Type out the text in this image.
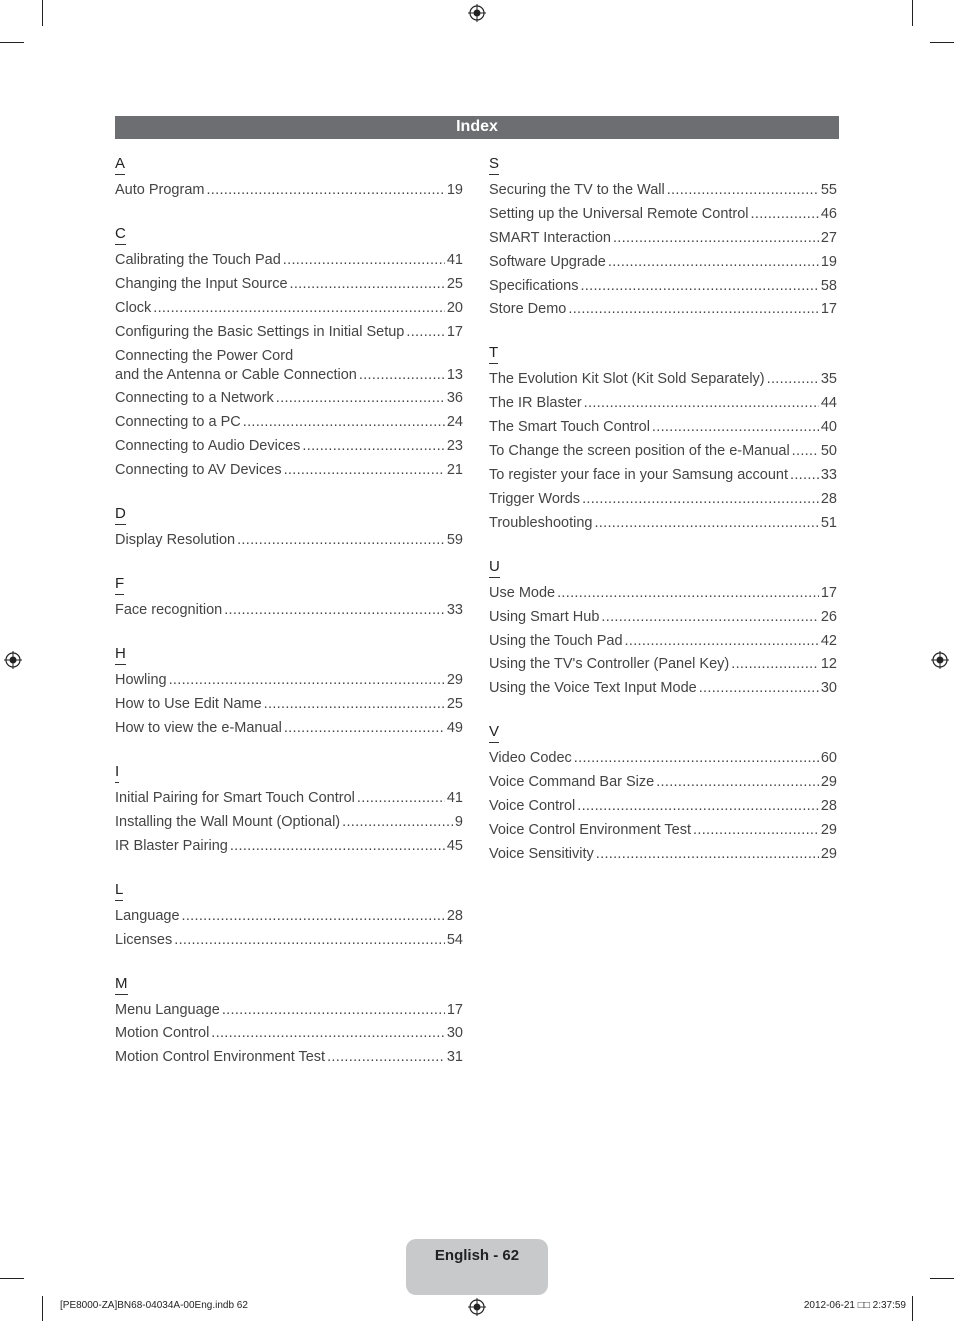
Index
A
Auto Program .....	19
C
Calibrating the Touch Pad .....	41
Changing the Input Source .....	25
Clock .....	20
Configuring the Basic Settings in Initial Setup .....	17
Connecting the Power Cord
and the Antenna or Cable Connection .....	13
Connecting to a Network .....	36
Connecting to a PC .....	24
Connecting to Audio Devices .....	23
Connecting to AV Devices .....	21
D
Display Resolution .....	59
F
Face recognition .....	33
H
Howling .....	29
How to Use Edit Name .....	25
How to view the e-Manual .....	49
I
Initial Pairing for Smart Touch Control .....	41
Installing the Wall Mount (Optional) .....	9
IR Blaster Pairing .....	45
L
Language .....	28
Licenses .....	54
M
Menu Language .....	17
Motion Control .....	30
Motion Control Environment Test .....	31
S
Securing the TV to the Wall .....	55
Setting up the Universal Remote Control .....	46
SMART Interaction .....	27
Software Upgrade .....	19
Specifications .....	58
Store Demo .....	17
T
The Evolution Kit Slot (Kit Sold Separately) .....	35
The IR Blaster .....	44
The Smart Touch Control .....	40
To Change the screen position of the e-Manual ..... 50
To register your face in your Samsung account ..... 33
Trigger Words .....	28
Troubleshooting .....	51
U
Use Mode .....	17
Using Smart Hub .....	26
Using the Touch Pad .....	42
Using the TV's Controller (Panel Key) .....	12
Using the Voice Text Input Mode .....	30
V
Video Codec .....	60
Voice Command Bar Size .....	29
Voice Control .....	28
Voice Control Environment Test .....	29
Voice Sensitivity .....	29
English - 62
[PE8000-ZA]BN68-04034A-00Eng.indb 62	2012-06-21 □□ 2:37:59
